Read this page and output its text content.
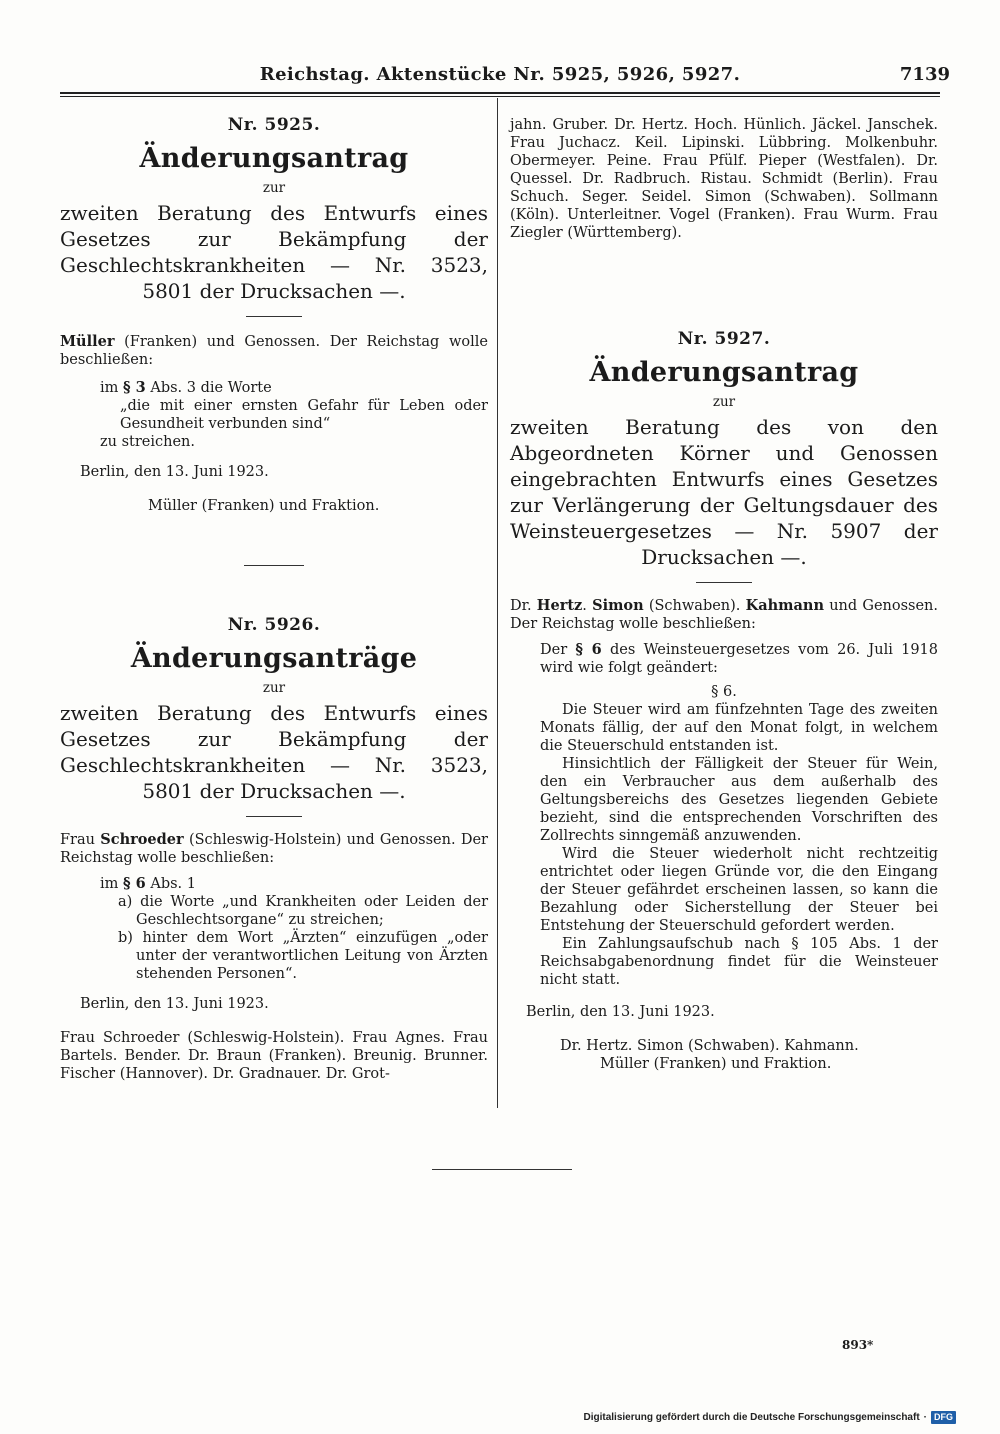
Reichstag. Aktenstücke Nr. 5925, 5926, 5927.	7139

Nr. 5925.

Änderungsantrag

zur

zweiten Beratung des Entwurfs eines Gesetzes zur Bekämpfung der Geschlechtskrankheiten — Nr. 3523, 5801 der Drucksachen —.

Müller (Franken) und Genossen. Der Reichstag wolle beschließen:

im § 3 Abs. 3 die Worte

„die mit einer ernsten Gefahr für Leben oder Gesundheit verbunden sind“

zu streichen.

Berlin, den 13. Juni 1923.

Müller (Franken) und Fraktion.

Nr. 5926.

Änderungsanträge

zur

zweiten Beratung des Entwurfs eines Gesetzes zur Bekämpfung der Geschlechtskrankheiten — Nr. 3523, 5801 der Drucksachen —.

Frau Schroeder (Schleswig-Holstein) und Genossen. Der Reichstag wolle beschließen:

im § 6 Abs. 1

a) die Worte „und Krankheiten oder Leiden der Geschlechtsorgane“ zu streichen;

b) hinter dem Wort „Ärzten“ einzufügen „oder unter der verantwortlichen Leitung von Ärzten stehenden Personen“.

Berlin, den 13. Juni 1923.

Frau Schroeder (Schleswig-Holstein). Frau Agnes. Frau Bartels. Bender. Dr. Braun (Franken). Breunig. Brunner. Fischer (Hannover). Dr. Gradnauer. Dr. Grot-

jahn. Gruber. Dr. Hertz. Hoch. Hünlich. Jäckel. Janschek. Frau Juchacz. Keil. Lipinski. Lübbring. Molkenbuhr. Obermeyer. Peine. Frau Pfülf. Pieper (Westfalen). Dr. Quessel. Dr. Radbruch. Ristau. Schmidt (Berlin). Frau Schuch. Seger. Seidel. Simon (Schwaben). Sollmann (Köln). Unterleitner. Vogel (Franken). Frau Wurm. Frau Ziegler (Württemberg).

Nr. 5927.

Änderungsantrag

zur

zweiten Beratung des von den Abgeordneten Körner und Genossen eingebrachten Entwurfs eines Gesetzes zur Verlängerung der Geltungsdauer des Weinsteuergesetzes — Nr. 5907 der Drucksachen —.

Dr. Hertz. Simon (Schwaben). Kahmann und Genossen. Der Reichstag wolle beschließen:

Der § 6 des Weinsteuergesetzes vom 26. Juli 1918 wird wie folgt geändert:

§ 6.

Die Steuer wird am fünfzehnten Tage des zweiten Monats fällig, der auf den Monat folgt, in welchem die Steuerschuld entstanden ist.

Hinsichtlich der Fälligkeit der Steuer für Wein, den ein Verbraucher aus dem außerhalb des Geltungsbereichs des Gesetzes liegenden Gebiete bezieht, sind die entsprechenden Vorschriften des Zollrechts sinngemäß anzuwenden.

Wird die Steuer wiederholt nicht rechtzeitig entrichtet oder liegen Gründe vor, die den Eingang der Steuer gefährdet erscheinen lassen, so kann die Bezahlung oder Sicherstellung der Steuer bei Entstehung der Steuerschuld gefordert werden.

Ein Zahlungsaufschub nach § 105 Abs. 1 der Reichsabgabenordnung findet für die Weinsteuer nicht statt.

Berlin, den 13. Juni 1923.

Dr. Hertz. Simon (Schwaben). Kahmann.

Müller (Franken) und Fraktion.

893*
Digitalisierung gefördert durch die Deutsche Forschungsgemeinschaft · DFG
